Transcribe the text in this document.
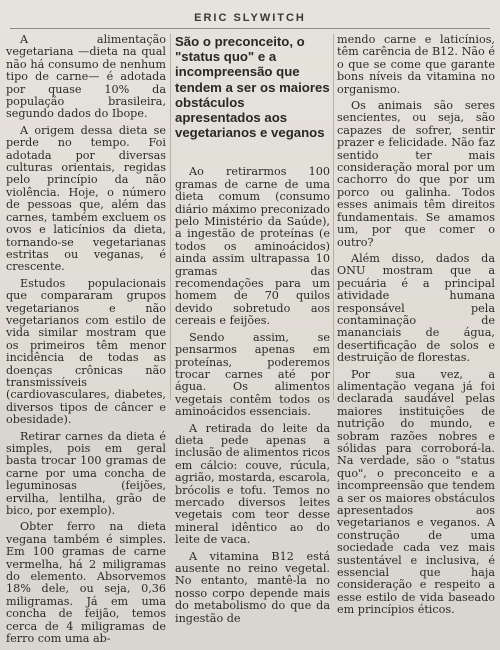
ERIC SLYWITCH

A alimentação vegetariana —dieta na qual não há consumo de nenhum tipo de carne— é adotada por quase 10% da população brasileira, segundo dados do Ibope.

A origem dessa dieta se perde no tempo. Foi adotada por diversas culturas orientais, regidas pelo princípio da não violência. Hoje, o número de pessoas que, além das carnes, também excluem os ovos e laticínios da dieta, tornando-se vegetarianas estritas ou veganas, é crescente.

Estudos populacionais que compararam grupos vegetarianos e não vegetarianos com estilo de vida similar mostram que os primeiros têm menor incidência de todas as doenças crônicas não transmissíveis (cardiovasculares, diabetes, diversos tipos de câncer e obesidade).

Retirar carnes da dieta é simples, pois em geral basta trocar 100 gramas de carne por uma concha de leguminosas (feijões, ervilha, lentilha, grão de bico, por exemplo).

Obter ferro na dieta vegana também é simples. Em 100 gramas de carne vermelha, há 2 miligramas do elemento. Absorvemos 18% dele, ou seja, 0,36 miligramas. Já em uma concha de feijão, temos cerca de 4 miligramas de ferro com uma ab-

São o preconceito, o "status quo" e a incompreensão que tendem a ser os maiores obstáculos apresentados aos vegetarianos e veganos

Ao retirarmos 100 gramas de carne de uma dieta comum (consumo diário máximo preconizado pelo Ministério da Saúde), a ingestão de proteínas (e todos os aminoácidos) ainda assim ultrapassa 10 gramas das recomendações para um homem de 70 quilos devido sobretudo aos cereais e feijões.

Sendo assim, se pensarmos apenas em proteínas, poderemos trocar carnes até por água. Os alimentos vegetais contêm todos os aminoácidos essenciais.

A retirada do leite da dieta pede apenas a inclusão de alimentos ricos em cálcio: couve, rúcula, agrião, mostarda, escarola, brócolis e tofu. Temos no mercado diversos leites vegetais com teor desse mineral idêntico ao do leite de vaca.

A vitamina B12 está ausente no reino vegetal. No entanto, mantê-la no nosso corpo depende mais do metabolismo do que da ingestão de

mendo carne e laticínios, têm carência de B12. Não é o que se come que garante bons níveis da vitamina no organismo.

Os animais são seres sencientes, ou seja, são capazes de sofrer, sentir prazer e felicidade. Não faz sentido ter mais consideração moral por um cachorro do que por um porco ou galinha. Todos esses animais têm direitos fundamentais. Se amamos um, por que comer o outro?

Além disso, dados da ONU mostram que a pecuária é a principal atividade humana responsável pela contaminação de mananciais de água, desertificação de solos e destruição de florestas.

Por sua vez, a alimentação vegana já foi declarada saudável pelas maiores instituições de nutrição do mundo, e sobram razões nobres e sólidas para corroborá-la. Na verdade, são o "status quo", o preconceito e a incompreensão que tendem a ser os maiores obstáculos apresentados aos vegetarianos e veganos. A construção de uma sociedade cada vez mais sustentável e inclusiva, é essencial que haja consideração e respeito a esse estilo de vida baseado em princípios éticos.
